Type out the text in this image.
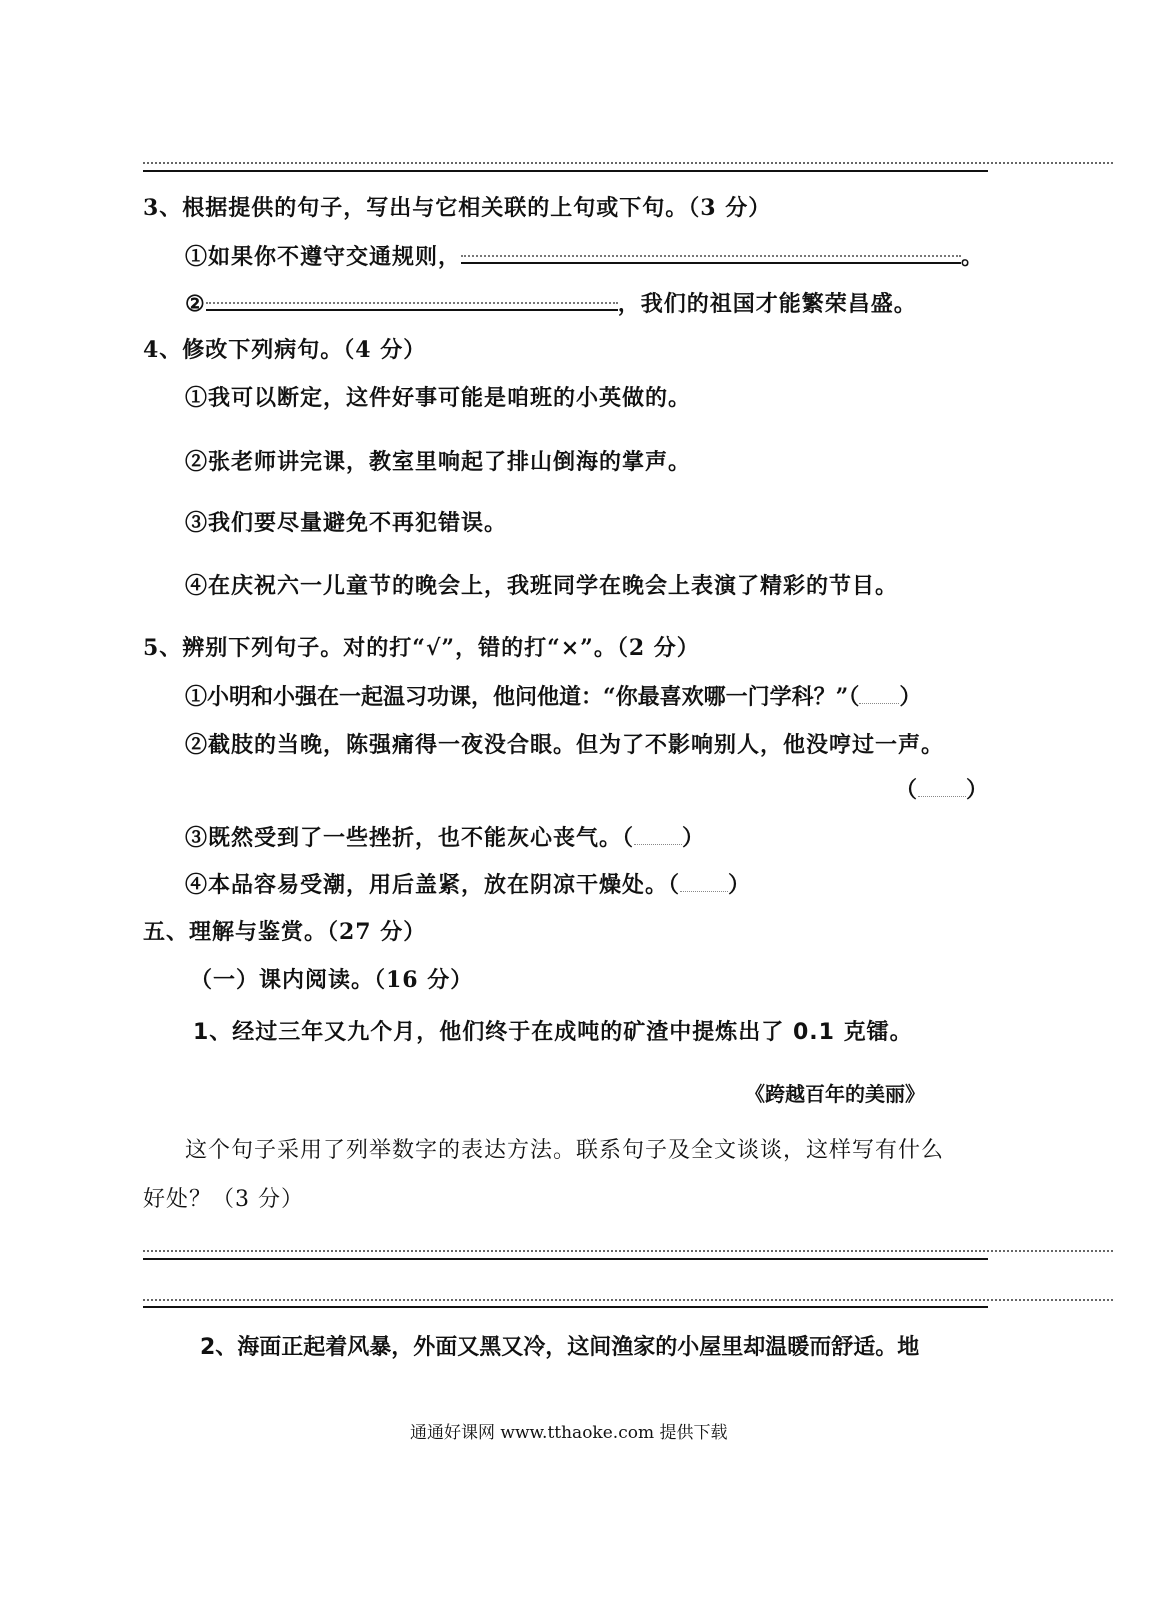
3、根据提供的句子，写出与它相关联的上句或下句。（3 分）
①如果你不遵守交通规则，	。
②	，我们的祖国才能繁荣昌盛。
4、修改下列病句。（4 分）
①我可以断定，这件好事可能是咱班的小英做的。
②张老师讲完课，教室里响起了排山倒海的掌声。
③我们要尽量避免不再犯错误。
④在庆祝六一儿童节的晚会上，我班同学在晚会上表演了精彩的节目。
5、辨别下列句子。对的打“√”，错的打“×”。（2 分）
①小明和小强在一起温习功课，他问他道：“你最喜欢哪一门学科？”（ ）
②截肢的当晚，陈强痛得一夜没合眼。但为了不影响别人，他没哼过一声。
（ ）
③既然受到了一些挫折，也不能灰心丧气。（ ）
④本品容易受潮，用后盖紧，放在阴凉干燥处。（ ）
五、理解与鉴赏。（27 分）
（一）课内阅读。（16 分）
1、经过三年又九个月，他们终于在成吨的矿渣中提炼出了 0.1 克镭。
《跨越百年的美丽》
这个句子采用了列举数字的表达方法。联系句子及全文谈谈，这样写有什么
好处？（3 分）
2、海面正起着风暴，外面又黑又冷，这间渔家的小屋里却温暖而舒适。地
通通好课网 www.tthaoke.com 提供下载
